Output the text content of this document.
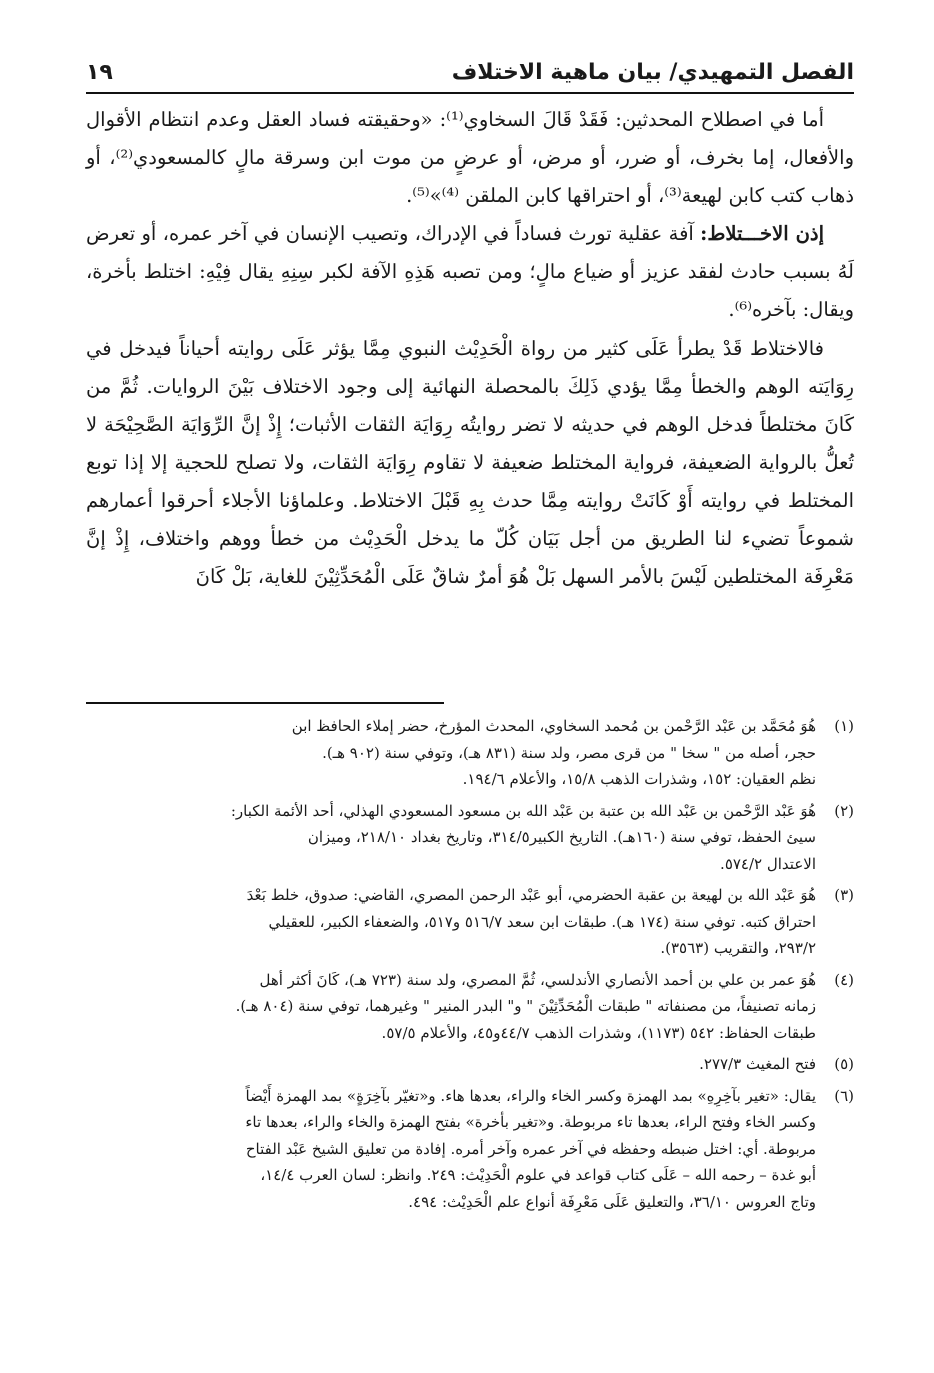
الفصل التمهيدي/ بيان ماهية الاختلاف
١٩

أما في اصطلاح المحدثين: فَقَدْ قَالَ السخاوي⁽¹⁾: «وحقيقته فساد العقل وعدم انتظام الأقوال والأفعال، إما بخرف، أو ضرر، أو مرض، أو عرضٍ من موت ابن وسرقة مالٍ كالمسعودي⁽²⁾، أو ذهاب كتب كابن لهيعة⁽³⁾، أو احتراقها كابن الملقن ⁽⁴⁾»⁽⁵⁾.

إذن الاخـــتلاط: آفة عقلية تورث فساداً في الإدراك، وتصيب الإنسان في آخر عمره، أو تعرض لَهُ بسبب حادث لفقد عزيز أو ضياع مالٍ؛ ومن تصبه هَذِهِ الآفة لكبر سِنِهِ يقال فِيْهِ: اختلط بأخرة، ويقال: بآخره⁽⁶⁾.

فالاختلاط قَدْ يطرأ عَلَى كثير من رواة الْحَدِيْث النبوي مِمَّا يؤثر عَلَى روايته أحياناً فيدخل في رِوَايَته الوهم والخطأ مِمَّا يؤدي ذَلِكَ بالمحصلة النهائية إلى وجود الاختلاف بَيْنَ الروايات. ثُمَّ من كَانَ مختلطاً فدخل الوهم في حديثه لا تضر روايتُه رِوَايَة الثقات الأثبات؛ إِذْ إنَّ الرِّوَايَة الصَّحِيْحَة لا تُعلُّ بالرواية الضعيفة، فرواية المختلط ضعيفة لا تقاوم رِوَايَة الثقات، ولا تصلح للحجية إلا إذا توبع المختلط في روايته أَوْ كَانَتْ روايته مِمَّا حدث بِهِ قَبْلَ الاختلاط. وعلماؤنا الأجلاء أحرقوا أعمارهم شموعاً تضيء لنا الطريق من أجل بَيَان كُلّ ما يدخل الْحَدِيْث من خطأ ووهم واختلاف، إِذْ إنَّ مَعْرِفَة المختلطين لَيْسَ بالأمر السهل بَلْ هُوَ أمرٌ شاقٌ عَلَى الْمُحَدِّثِيْنَ للغاية، بَلْ كَانَ

(١)
هُوَ مُحَمَّد بن عَبْد الرَّحْمن بن مُحمد السخاوي، المحدث المؤرخ، حضر إملاء الحافظ ابن
حجر، أصله من " سخا " من قرى مصر، ولد سنة (٨٣١ هـ)، وتوفي سنة (٩٠٢ هـ).
نظم العقيان: ١٥٢، وشذرات الذهب ١٥/٨، والأعلام ١٩٤/٦.
(٢)
هُوَ عَبْد الرَّحْمن بن عَبْد الله بن عتبة بن عَبْد الله بن مسعود المسعودي الهذلي، أحد الأئمة الكبار:
سيئ الحفظ، توفي سنة (١٦٠هـ). التاريخ الكبير٣١٤/٥، وتاريخ بغداد ٢١٨/١٠، وميزان
الاعتدال ٥٧٤/٢.
(٣)
هُوَ عَبْد الله بن لهيعة بن عقبة الحضرمي، أبو عَبْد الرحمن المصري، القاضي: صدوق، خلط بَعْدَ
احتراق كتبه. توفي سنة (١٧٤ هـ). طبقات ابن سعد ٥١٦/٧ و٥١٧، والضعفاء الكبير، للعقيلي
٢٩٣/٢، والتقريب (٣٥٦٣).
(٤)
هُوَ عمر بن علي بن أحمد الأنصاري الأندلسي، ثُمَّ المصري، ولد سنة (٧٢٣ هـ)، كَانَ أكثر أهل
زمانه تصنيفاً، من مصنفاته " طبقات الْمُحَدِّثِيْنَ " و" البدر المنير " وغيرهما، توفي سنة (٨٠٤ هـ).
طبقات الحفاظ: ٥٤٢ (١١٧٣)، وشذرات الذهب ٤٤/٧و٤٥، والأعلام ٥٧/٥.
(٥)
فتح المغيث ٢٧٧/٣.
(٦)
يقال: «تغير بآخِرِهِ» بمد الهمزة وكسر الخاء والراء، بعدها هاء. و«تغيّر بآخِرَةٍ» بمد الهمزة أَيْضاً
وكسر الخاء وفتح الراء، بعدها تاء مربوطة. و«تغير بأخرة» بفتح الهمزة والخاء والراء، بعدها تاء
مربوطة. أي: اختل ضبطه وحفظه في آخر عمره وآخر أمره. إفادة من تعليق الشيخ عَبْد الفتاح
أبو غدة – رحمه الله – عَلَى كتاب قواعد في علوم الْحَدِيْث: ٢٤٩. وانظر: لسان العرب ١٤/٤،
وتاج العروس ٣٦/١٠، والتعليق عَلَى مَعْرِفَة أنواع علم الْحَدِيْث: ٤٩٤.
